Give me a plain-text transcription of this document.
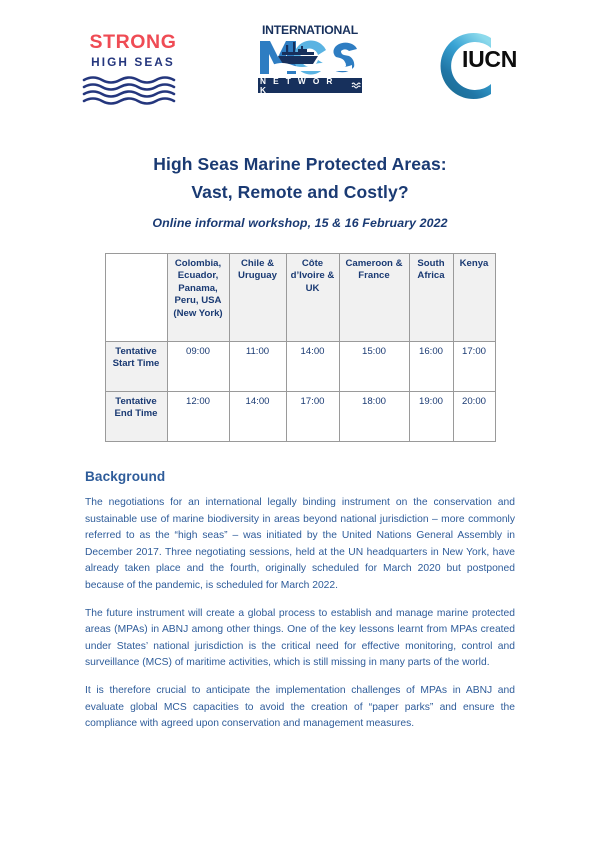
STRONG
HIGH SEAS
INTERNATIONAL
N E T W O R K
IUCN
High Seas Marine Protected Areas:
Vast, Remote and Costly?
Online informal workshop, 15 & 16 February 2022
	Colombia, Ecuador, Panama, Peru, USA (New York)	Chile & Uruguay	Côte d’Ivoire & UK	Cameroon & France	South Africa	Kenya
Tentative Start Time	09:00	11:00	14:00	15:00	16:00	17:00
Tentative End Time	12:00	14:00	17:00	18:00	19:00	20:00
Background

The negotiations for an international legally binding instrument on the conservation and sustainable use of marine biodiversity in areas beyond national jurisdiction – more commonly referred to as the “high seas” – was initiated by the United Nations General Assembly in December 2017. Three negotiating sessions, held at the UN headquarters in New York, have already taken place and the fourth, originally scheduled for March 2020 but postponed because of the pandemic, is scheduled for March 2022.

The future instrument will create a global process to establish and manage marine protected areas (MPAs) in ABNJ among other things. One of the key lessons learnt from MPAs created under States’ national jurisdiction is the critical need for effective monitoring, control and surveillance (MCS) of maritime activities, which is still missing in many parts of the world.

It is therefore crucial to anticipate the implementation challenges of MPAs in ABNJ and evaluate global MCS capacities to avoid the creation of “paper parks” and ensure the compliance with agreed upon conservation and management measures.
